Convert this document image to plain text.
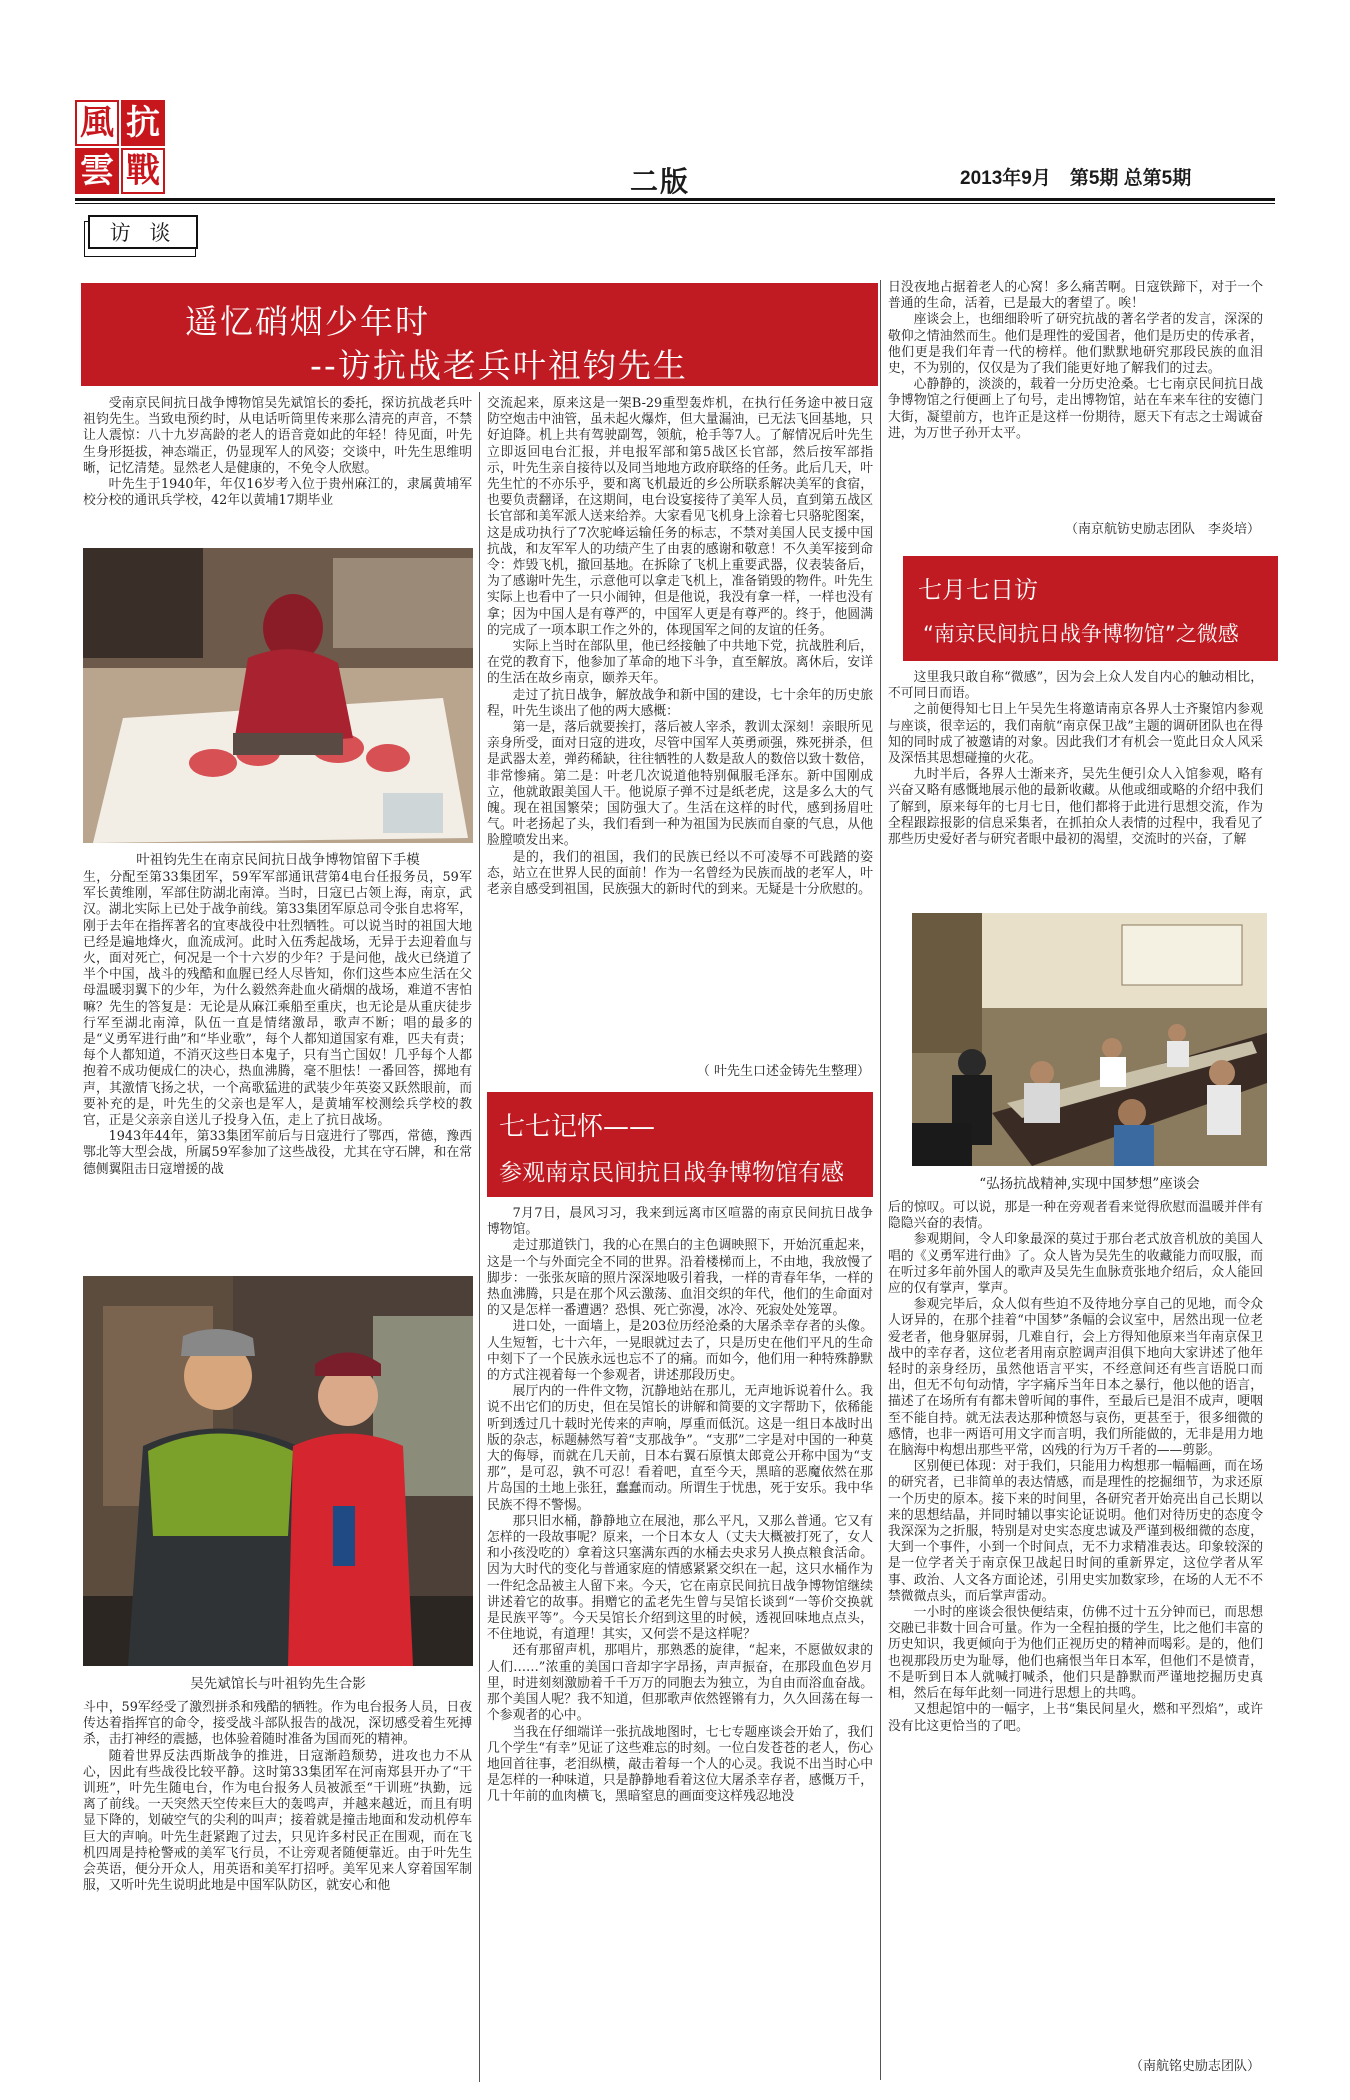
風 抗
雲 戰	二版	2013年9月　第5期 总第5期
访 谈
遥忆硝烟少年时
--访抗战老兵叶祖钧先生

受南京民间抗日战争博物馆吴先斌馆长的委托，探访抗战老兵叶祖钧先生。当致电预约时，从电话听筒里传来那么清亮的声音，不禁让人震惊：八十九岁高龄的老人的语音竟如此的年轻！待见面，叶先生身形挺拔，神态端正，仍显现军人的风姿；交谈中，叶先生思维明晰，记忆清楚。显然老人是健康的，不免令人欣慰。

叶先生于1940年，年仅16岁考入位于贵州麻江的，隶属黄埔军校分校的通讯兵学校，42年以黄埔17期毕业

叶祖钧先生在南京民间抗日战争博物馆留下手模

生，分配至第33集团军，59军军部通讯营第4电台任报务员，59军军长黄维刚，军部住防湖北南漳。当时，日寇已占领上海，南京，武汉。湖北实际上已处于战争前线。第33集团军原总司令张自忠将军，刚于去年在指挥著名的宜枣战役中壮烈牺牲。可以说当时的祖国大地已经是遍地烽火，血流成河。此时入伍秀起战场，无异于去迎着血与火，面对死亡，何况是一个十六岁的少年？于是问他，战火已绕道了半个中国，战斗的残酷和血腥已经人尽皆知，你们这些本应生活在父母温暖羽翼下的少年，为什么毅然奔赴血火硝烟的战场，难道不害怕嘛？先生的答复是：无论是从麻江乘船至重庆，也无论是从重庆徒步行军至湖北南漳，队伍一直是情绪激昂，歌声不断；唱的最多的是“义勇军进行曲”和“毕业歌”，每个人都知道国家有难，匹夫有责；每个人都知道，不消灭这些日本鬼子，只有当亡国奴！几乎每个人都抱着不成功便成仁的决心，热血沸腾，毫不胆怯！一番回答，掷地有声，其激情飞扬之状，一个高歌猛进的武装少年英姿又跃然眼前，而要补充的是，叶先生的父亲也是军人，是黄埔军校测绘兵学校的教官，正是父亲亲自送儿子投身入伍，走上了抗日战场。

1943年44年，第33集团军前后与日寇进行了鄂西，常德，豫西鄂北等大型会战，所属59军参加了这些战役，尤其在守石牌，和在常德侧翼阻击日寇增援的战

吴先斌馆长与叶祖钧先生合影

斗中，59军经受了激烈拼杀和残酷的牺牲。作为电台报务人员，日夜传达着指挥官的命令，接受战斗部队报告的战况，深切感受着生死搏杀，击打神经的震撼，也体验着随时准备为国而死的精神。

随着世界反法西斯战争的推进，日寇渐趋颓势，进攻也力不从心，因此有些战役比较平静。这时第33集团军在河南郑县开办了“干训班”，叶先生随电台，作为电台报务人员被派至“干训班”执勤，远离了前线。一天突然天空传来巨大的轰鸣声，并越来越近，而且有明显下降的，划破空气的尖利的叫声；接着就是撞击地面和发动机停车巨大的声响。叶先生赶紧跑了过去，只见许多村民正在围观，而在飞机四周是持枪警戒的美军飞行员，不让旁观者随便靠近。由于叶先生会英语，便分开众人，用英语和美军打招呼。美军见来人穿着国军制服，又听叶先生说明此地是中国军队防区，就安心和他

交流起来，原来这是一架B-29重型轰炸机，在执行任务途中被日寇防空炮击中油管，虽未起火爆炸，但大量漏油，已无法飞回基地，只好迫降。机上共有驾驶副驾，领航，枪手等7人。了解情况后叶先生立即返回电台汇报，并电报军部和第5战区长官部，然后按军部指示，叶先生亲自接待以及同当地地方政府联络的任务。此后几天，叶先生忙的不亦乐乎，要和离飞机最近的乡公所联系解决美军的食宿，也要负责翻译，在这期间，电台设宴接待了美军人员，直到第五战区长官部和美军派人送来给养。大家看见飞机身上涂着七只骆驼图案，这是成功执行了7次驼峰运输任务的标志，不禁对美国人民支援中国抗战，和友军军人的功绩产生了由衷的感谢和敬意！不久美军接到命令：炸毁飞机，撤回基地。在拆除了飞机上重要武器，仪表装备后，为了感谢叶先生，示意他可以拿走飞机上，准备销毁的物件。叶先生实际上也看中了一只小闹钟，但是他说，我没有拿一样，一样也没有拿；因为中国人是有尊严的，中国军人更是有尊严的。终于，他圆满的完成了一项本职工作之外的，体现国军之间的友谊的任务。

实际上当时在部队里，他已经接触了中共地下党，抗战胜利后，在党的教育下，他参加了革命的地下斗争，直至解放。离休后，安详的生活在故乡南京，颐养天年。

走过了抗日战争，解放战争和新中国的建设，七十余年的历史旅程，叶先生谈出了他的两大感概：

第一是，落后就要挨打，落后被人宰杀，教训太深刻！亲眼所见亲身所受，面对日寇的进攻，尽管中国军人英勇顽强，殊死拼杀，但是武器太差，弹药稀缺，往往牺牲的人数是敌人的数倍以致十数倍，非常惨痛。第二是：叶老几次说道他特别佩服毛泽东。新中国刚成立，他就敢跟美国人干。他说原子弹不过是纸老虎，这是多么大的气魄。现在祖国繁荣；国防强大了。生活在这样的时代，感到扬眉吐气。叶老扬起了头，我们看到一种为祖国为民族而自豪的气息，从他脸膛喷发出来。

是的，我们的祖国，我们的民族已经以不可凌辱不可践踏的姿态，站立在世界人民的面前！作为一名曾经为民族而战的老军人，叶老亲自感受到祖国，民族强大的新时代的到来。无疑是十分欣慰的。

（ 叶先生口述金铸先生整理）
七七记怀——
参观南京民间抗日战争博物馆有感

7月7日，晨风习习，我来到远离市区喧嚣的南京民间抗日战争博物馆。

走过那道铁门，我的心在黑白的主色调映照下，开始沉重起来，这是一个与外面完全不同的世界。沿着楼梯而上，不由地，我放慢了脚步：一张张灰暗的照片深深地吸引着我，一样的青春年华，一样的热血沸腾，只是在那个风云激荡、血泪交织的年代，他们的生命面对的又是怎样一番遭遇？恐惧、死亡弥漫，冰冷、死寂处处笼罩。

进口处，一面墙上，是203位历经沧桑的大屠杀幸存者的头像。人生短暂，七十六年，一晃眼就过去了，只是历史在他们平凡的生命中刻下了一个民族永远也忘不了的痛。而如今，他们用一种特殊静默的方式注视着每一个参观者，讲述那段历史。

展厅内的一件件文物，沉静地站在那儿，无声地诉说着什么。我说不出它们的历史，但在吴馆长的讲解和简要的文字帮助下，依稀能听到透过几十载时光传来的声响，厚重而低沉。这是一组日本战时出版的杂志，标题赫然写着“支那战争”。“支那”二字是对中国的一种莫大的侮辱，而就在几天前，日本右翼石原慎太郎竟公开称中国为“支那”，是可忍，孰不可忍！看着吧，直至今天，黑暗的恶魔依然在那片岛国的土地上张狂，蠢蠢而动。所谓生于忧患，死于安乐。我中华民族不得不警惕。

那只旧水桶，静静地立在展池，那么平凡，又那么普通。它又有怎样的一段故事呢？原来，一个日本女人（丈夫大概被打死了，女人和小孩没吃的）拿着这只塞满东西的水桶去央求另人换点粮食活命。因为大时代的变化与普通家庭的情感紧紧交织在一起，这只水桶作为一件纪念品被主人留下来。今天，它在南京民间抗日战争博物馆继续讲述着它的故事。捐赠它的孟老先生曾与吴馆长谈到“一等价交换就是民族平等”。今天吴馆长介绍到这里的时候，透视回味地点点头，不住地说，有道理！其实，又何尝不是这样呢？

还有那留声机，那唱片，那熟悉的旋律，“起来，不愿做奴隶的人们……”浓重的美国口音却字字昂扬，声声振奋，在那段血色岁月里，时进刻刻激励着千千万万的同胞去为独立，为自由而浴血奋战。那个美国人呢？我不知道，但那歌声依然铿锵有力，久久回荡在每一个参观者的心中。

当我在仔细端详一张抗战地图时，七七专题座谈会开始了，我们几个学生“有幸”见证了这些难忘的时刻。一位白发苍苍的老人，伤心地回首往事，老泪纵横，敲击着每一个人的心灵。我说不出当时心中是怎样的一种味道，只是静静地看着这位大屠杀幸存者，感慨万千，几十年前的血肉横飞，黑暗窒息的画面变这样残忍地没

日没夜地占据着老人的心窝！多么痛苦啊。日寇铁蹄下，对于一个普通的生命，活着，已是最大的奢望了。唉！

座谈会上，也细细聆听了研究抗战的著名学者的发言，深深的敬仰之情油然而生。他们是理性的爱国者，他们是历史的传承者，他们更是我们年青一代的榜样。他们默默地研究那段民族的血泪史，不为别的，仅仅是为了我们能更好地了解我们的过去。

心静静的，淡淡的，载着一分历史沧桑。七七南京民间抗日战争博物馆之行便画上了句号，走出博物馆，站在车来车往的安德门大街，凝望前方，也许正是这样一份期待，愿天下有志之士竭诚奋进，为万世子孙开太平。

（南京航钫史励志团队　李炎培）
七月七日访
“南京民间抗日战争博物馆”之微感

这里我只敢自称“微感”，因为会上众人发自内心的触动相比，不可同日而语。

之前便得知七日上午吴先生将邀请南京各界人士齐聚馆内参观与座谈，很幸运的，我们南航“南京保卫战”主题的调研团队也在得知的同时成了被邀请的对象。因此我们才有机会一览此日众人风采及深悟其思想碰撞的火花。

九时半后，各界人士渐来齐，吴先生便引众人入馆参观，略有兴奋又略有感慨地展示他的最新收藏。从他或细或略的介绍中我们了解到，原来每年的七月七日，他们都将于此进行思想交流，作为全程跟踪报影的信息采集者，在抓拍众人表情的过程中，我看见了那些历史爱好者与研究者眼中最初的渴望，交流时的兴奋，了解

“弘扬抗战精神,实现中国梦想”座谈会

后的惊叹。可以说，那是一种在旁观者看来觉得欣慰而温暖并伴有隐隐兴奋的表情。

参观期间，令人印象最深的莫过于那台老式放音机放的美国人唱的《义勇军进行曲》了。众人皆为吴先生的收藏能力而叹服，而在听过多年前外国人的歌声及吴先生血脉贲张地介绍后，众人能回应的仅有掌声，掌声。

参观完毕后，众人似有些迫不及待地分享自己的见地，而令众人讶异的，在那个挂着“中国梦”条幅的会议室中，居然出现一位老爱老者，他身躯屏弱，几难自行，会上方得知他原来当年南京保卫战中的幸存者，这位老者用南京腔调声泪俱下地向大家讲述了他年轻时的亲身经历，虽然他语言平实，不经意间还有些言语脱口而出，但无不句句动情，字字痛斥当年日本之暴行，他以他的语言，描述了在场所有有都未曾听闻的事件，至最后已是泪不成声，哽咽至不能自持。就无法表达那种愤怒与哀伤，更甚至于，很多细微的感情，也非一两语可用文字而言明，我们所能做的，无非是用力地在脑海中构想出那些平常，凶残的行为万千者的——剪影。

区别便已体现：对于我们，只能用力构想那一幅幅画，而在场的研究者，已非简单的表达情感，而是理性的挖掘细节，为求还原一个历史的原本。接下来的时间里，各研究者开始亮出自己长期以来的思想结晶，并同时辅以事实论证说明。他们对待历史的态度令我深深为之折服，特别是对史实态度忠诚及严谨到极细微的态度，大到一个事件，小到一个时间点，无不力求精准表达。印象较深的是一位学者关于南京保卫战起日时间的重新界定，这位学者从军事、政治、人文各方面论述，引用史实加数家珍，在场的人无不不禁微微点头，而后掌声雷动。

一小时的座谈会很快便结束，仿佛不过十五分钟而已，而思想交融已非数十回合可量。作为一全程拍摄的学生，比之他们丰富的历史知识，我更倾向于为他们正视历史的精神而喝彩。是的，他们也视那段历史为耻辱，他们也痛恨当年日本军，但他们不是愤青，不是听到日本人就喊打喊杀，他们只是静默而严谨地挖掘历史真相，然后在每年此刻一同进行思想上的共鸣。

又想起馆中的一幅字，上书“集民间星火，燃和平烈焰”，或许没有比这更恰当的了吧。

（南航铭史励志团队）
